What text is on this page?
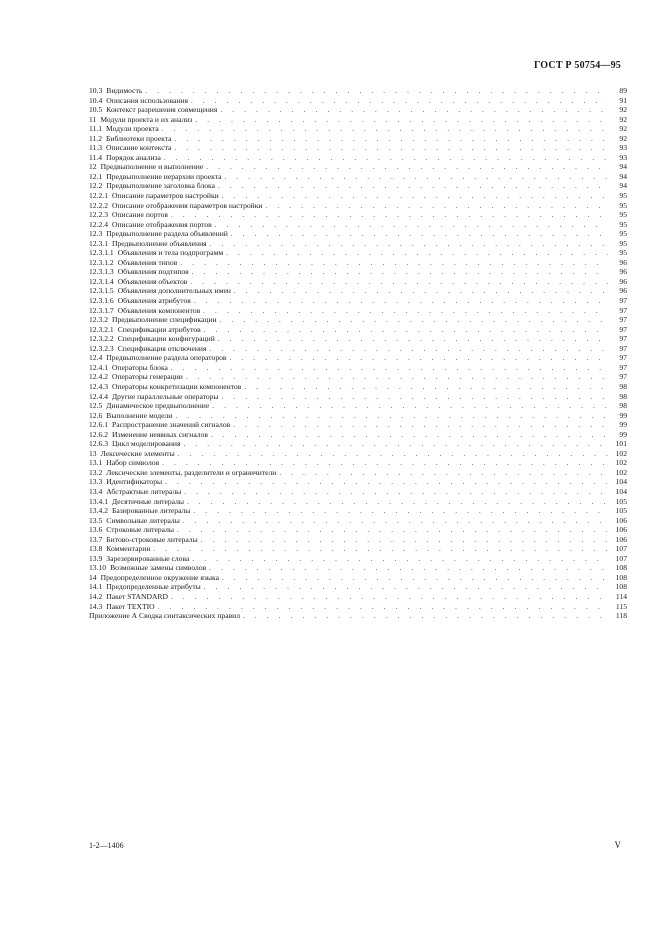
ГОСТ Р 50754—95
10.3 Видимость . . .	89
10.4 Описания использования . . .	91
10.5 Контекст разрешения совмещения . . .	92
11 Модули проекта и их анализ . . .	92
11.1 Модули проекта . . .	92
11.2 Библиотеки проекта . . .	92
11.3 Описание контекста . . .	93
11.4 Порядок анализа . . .	93
12 Предвыполнение и выполнение . . .	94
12.1 Предвыполнение иерархии проекта . . .	94
12.2 Предвыполнение заголовка блока . . .	94
12.2.1 Описание параметров настройки . . .	95
12.2.2 Описание отображения параметров настройки . . .	95
12.2.3 Описание портов . . .	95
12.2.4 Описание отображения портов . . .	95
12.3 Предвыполнение раздела объявлений . . .	95
12.3.1 Предвыполнение объявления . . .	95
12.3.1.1 Объявления и тела подпрограмм . . .	95
12.3.1.2 Объявления типов . . .	96
12.3.1.3 Объявления подтипов . . .	96
12.3.1.4 Объявления объектов . . .	96
12.3.1.5 Объявления дополнительных имен . . .	96
12.3.1.6 Объявления атрибутов . . .	97
12.3.1.7 Объявления компонентов . . .	97
12.3.2 Предвыполнение спецификации . . .	97
12.3.2.1 Спецификации атрибутов . . .	97
12.3.2.2 Спецификации конфигураций . . .	97
12.3.2.3 Спецификация отключения . . .	97
12.4 Предвыполнение раздела операторов . . .	97
12.4.1 Операторы блока . . .	97
12.4.2 Операторы генерации . . .	97
12.4.3 Операторы конкретизации компонентов . . .	98
12.4.4 Другие параллельные операторы . . .	98
12.5 Динамическое предвыполнение . . .	98
12.6 Выполнение модели . . .	99
12.6.1 Распространение значений сигналов . . .	99
12.6.2 Изменение неявных сигналов . . .	99
12.6.3 Цикл моделирования . . .	101
13 Лексические элементы . . .	102
13.1 Набор символов . . .	102
13.2 Лексические элементы, разделители и ограничители . . .	102
13.3 Идентификаторы . . .	104
13.4 Абстрактные литералы . . .	104
13.4.1 Десятичные литералы . . .	105
13.4.2 Базированные литералы . . .	105
13.5 Символьные литералы . . .	106
13.6 Строковые литералы . . .	106
13.7 Битово-строковые литералы . . .	106
13.8 Комментарии . . .	107
13.9 Зарезервированные слова . . .	107
13.10 Возможные замены символов . . .	108
14 Предопределенное окружение языка . . .	108
14.1 Предопределенные атрибуты . . .	108
14.2 Пакет STANDARD . . .	114
14.3 Пакет TEXTIO . . .	115
Приложение А Сводка синтаксических правил . . .	118
1-2—1406	V
